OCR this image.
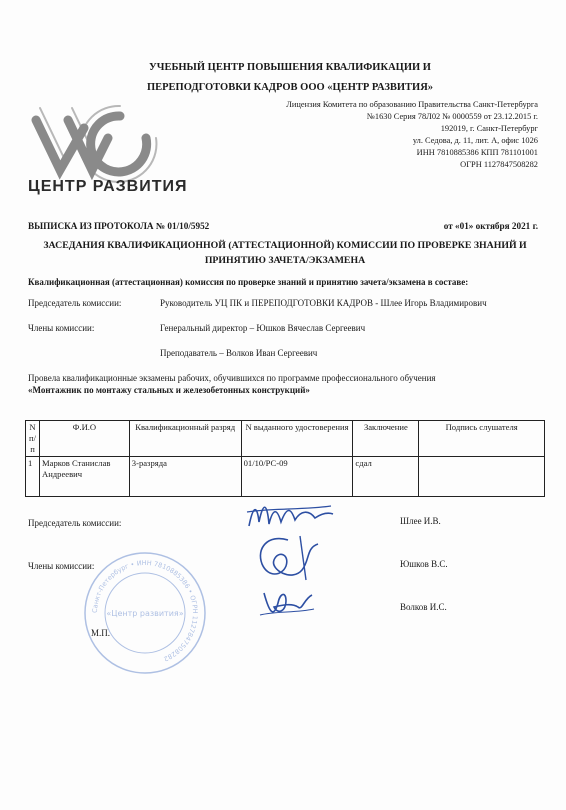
УЧЕБНЫЙ ЦЕНТР ПОВЫШЕНИЯ КВАЛИФИКАЦИИ И
ПЕРЕПОДГОТОВКИ КАДРОВ ООО «ЦЕНТР РАЗВИТИЯ»
ЦЕНТР РАЗВИТИЯ
Лицензия Комитета по образованию Правительства Санкт-Петербурга
№1630 Серия 78Л02 № 0000559 от 23.12.2015 г.
192019, г. Санкт-Петербург
ул. Седова, д. 11, лит. А, офис 1026
ИНН 7810885386 КПП 781101001
ОГРН 1127847508282
ВЫПИСКА ИЗ ПРОТОКОЛА № 01/10/5952	от «01» октября 2021 г.
ЗАСЕДАНИЯ КВАЛИФИКАЦИОННОЙ (АТТЕСТАЦИОННОЙ) КОМИССИИ ПО ПРОВЕРКЕ ЗНАНИЙ И
ПРИНЯТИЮ ЗАЧЕТА/ЭКЗАМЕНА
Квалификационная (аттестационная) комиссия по проверке знаний и принятию зачета/экзамена в составе:
Председатель комиссии:	Руководитель УЦ ПК и ПЕРЕПОДГОТОВКИ КАДРОВ - Шлее Игорь Владимирович
Члены комиссии:	Генеральный директор – Юшков Вячеслав Сергеевич
Преподаватель – Волков Иван Сергеевич
Провела квалификационные экзамены рабочих, обучившихся по программе профессионального обучения
«Монтажник по монтажу стальных и железобетонных конструкций»
N п/п	Ф.И.О	Квалификационный разряд	N выданного удостоверения	Заключение	Подпись слушателя
1	Марков Станислав Андреевич	3-разряда	01/10/РС-09	сдал	
Санкт-Петербург • ИНН 7810885386 • ОГРН 1127847508282
«Центр развития»
Председатель комиссии:	Шлее И.В.
Члены комиссии:	Юшков В.С.
Волков И.С.
М.П.
